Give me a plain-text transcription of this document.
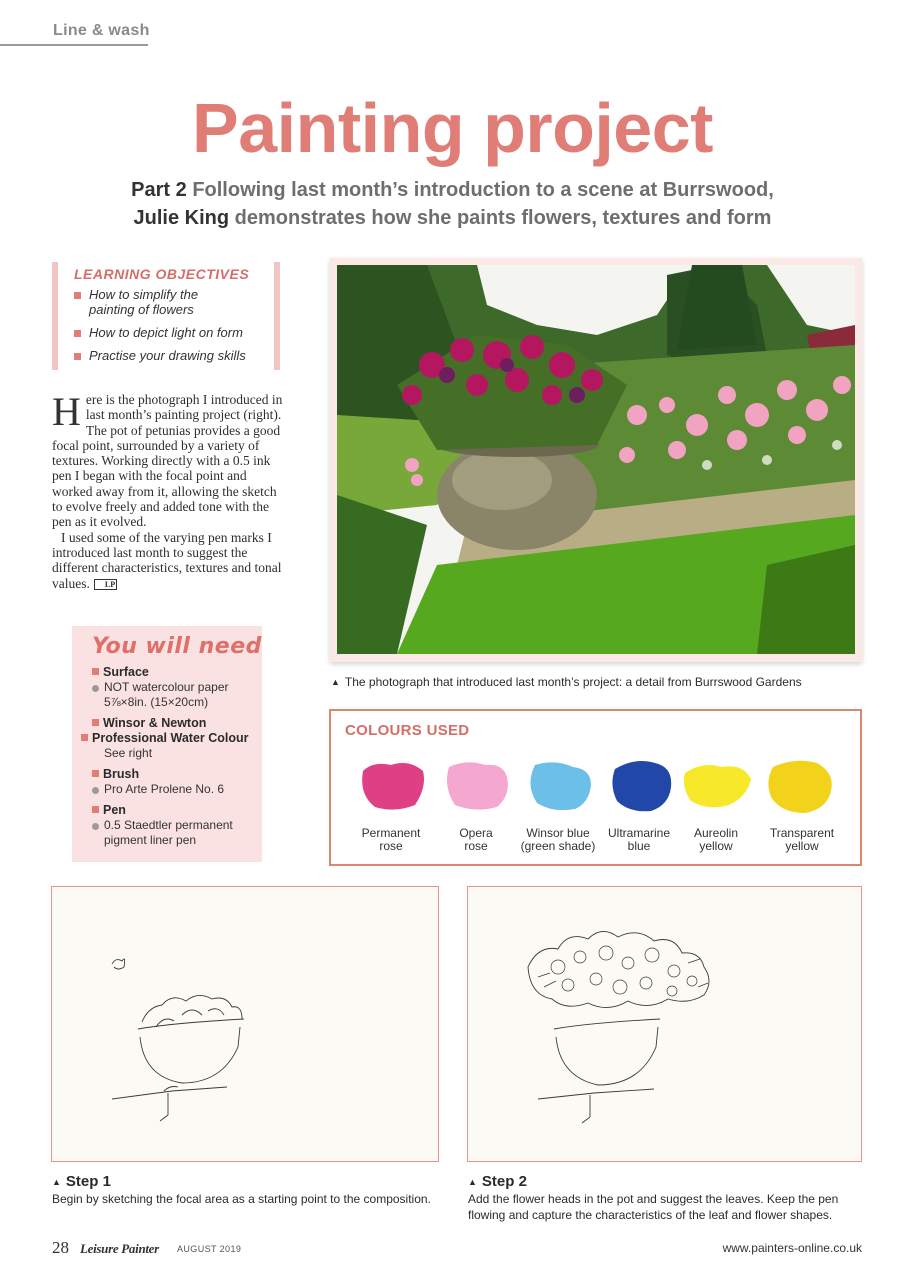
Line & wash
Painting project
Part 2 Following last month’s introduction to a scene at Burrswood,
Julie King demonstrates how she paints flowers, textures and form
LEARNING OBJECTIVES
How to simplify the painting of flowers
How to depict light on form
Practise your drawing skills

Here is the photograph I introduced in last month’s painting project (right). The pot of petunias provides a good focal point, surrounded by a variety of textures. Working directly with a 0.5 ink pen I began with the focal point and worked away from it, allowing the sketch to evolve freely and added tone with the pen as it evolved.

I used some of the varying pen marks I introduced last month to suggest the different characteristics, textures and tonal values. LP

You will need
Surface
NOT watercolour paper
5⅞×8in. (15×20cm)
Winsor & Newton
Professional Water Colour
See right
Brush
Pro Arte Prolene No. 6
Pen
0.5 Staedtler permanent
pigment liner pen
▲ The photograph that introduced last month’s project: a detail from Burrswood Gardens
COLOURS USED
Permanent
rose
Opera
rose
Winsor blue
(green shade)
Ultramarine
blue
Aureolin
yellow
Transparent
yellow
▲ Step 1
Begin by sketching the focal area as a starting point to the composition.
▲ Step 2
Add the flower heads in the pot and suggest the leaves. Keep the pen flowing and capture the characteristics of the leaf and flower shapes.
28 Leisure Painter AUGUST 2019	www.painters-online.co.uk
